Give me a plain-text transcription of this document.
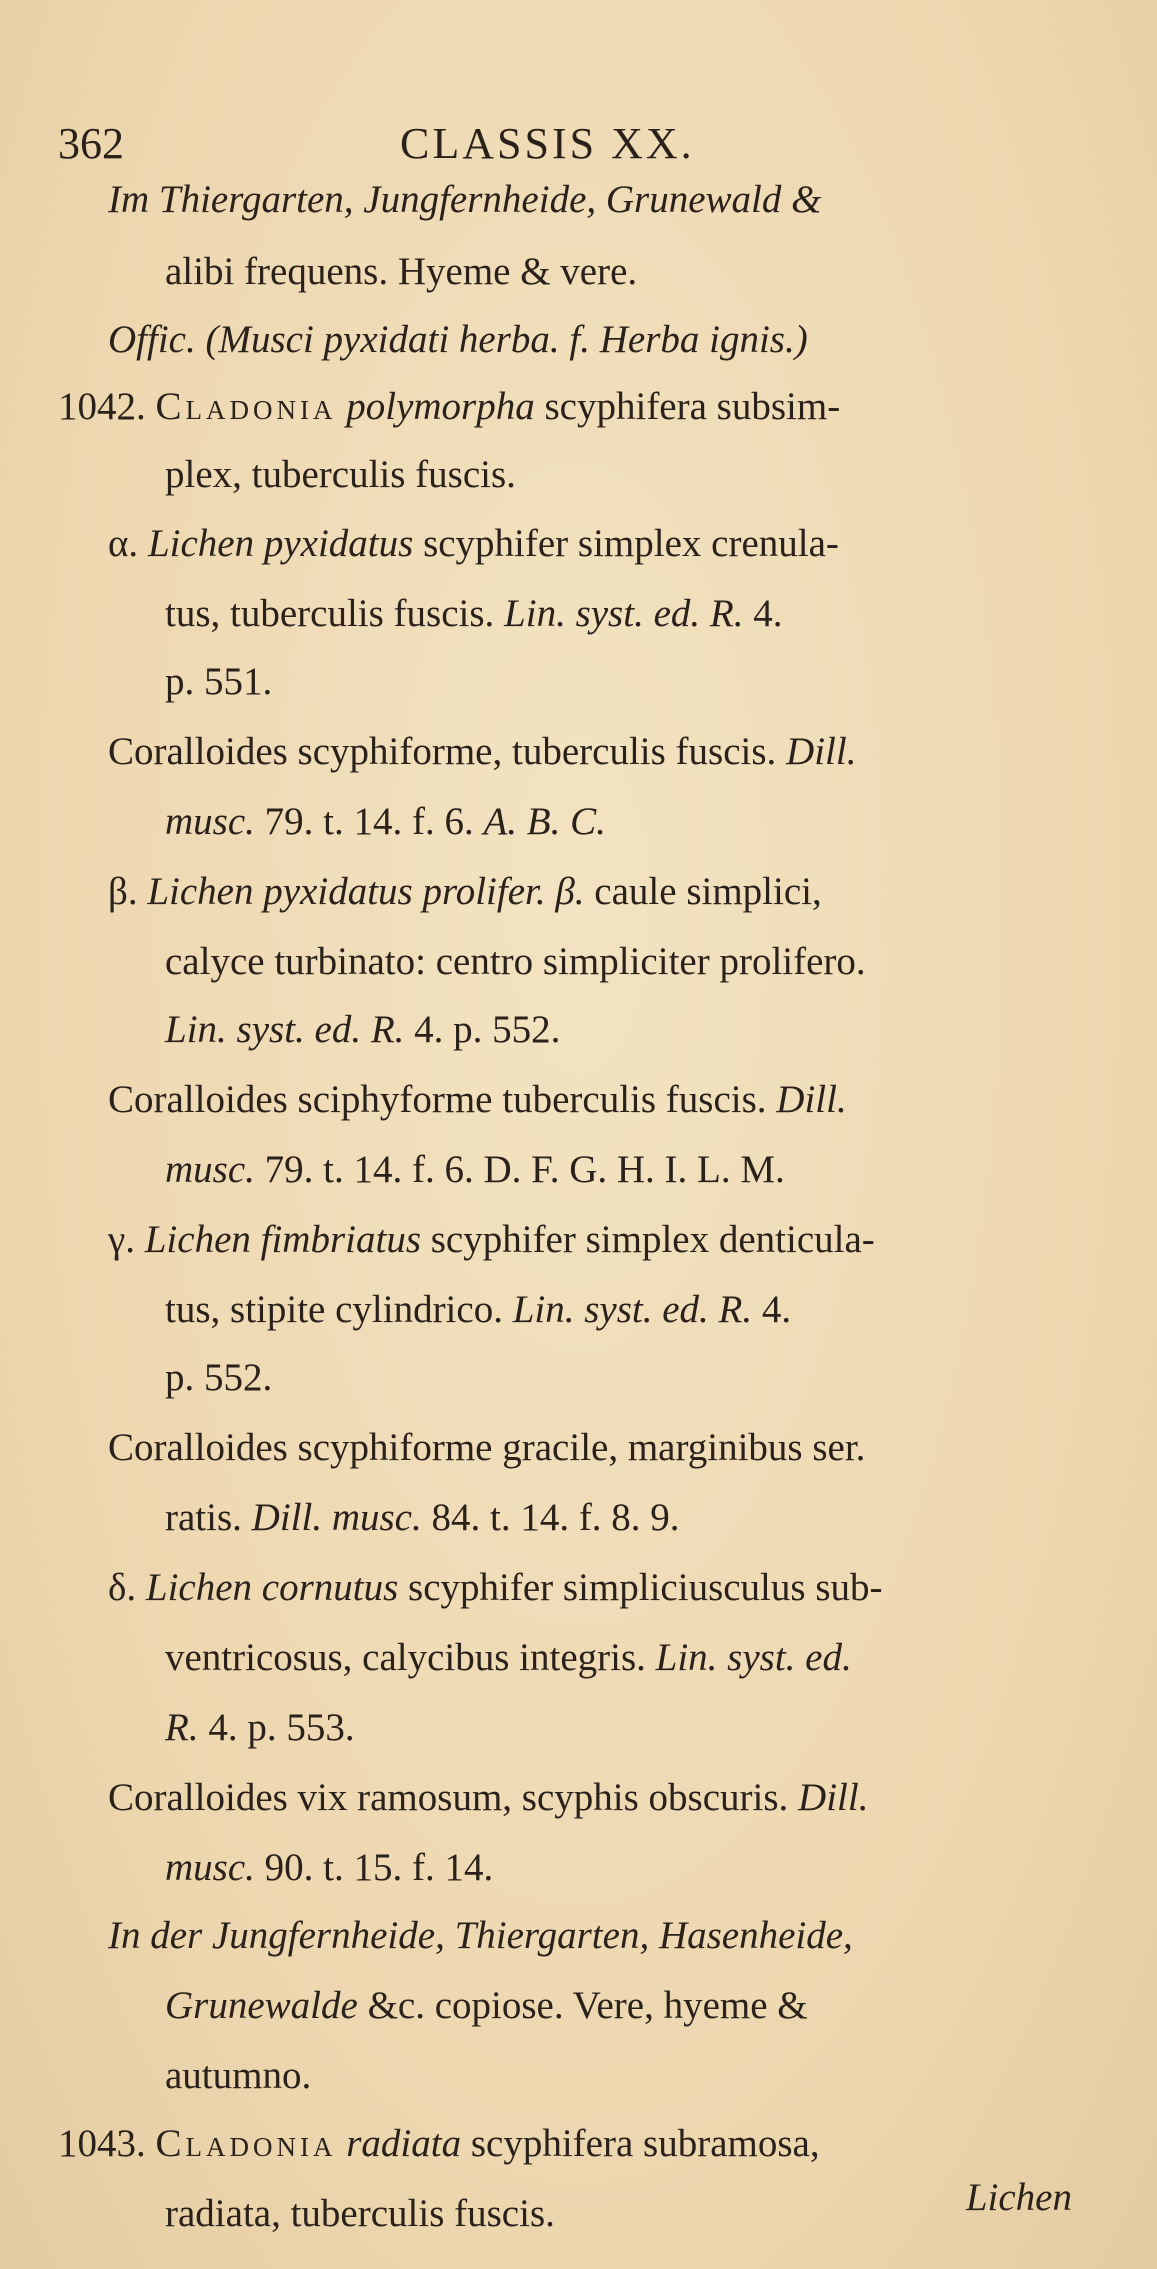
362	CLASSIS XX.
Im Thiergarten, Jungfernheide, Grunewald &
alibi frequens. Hyeme & vere.
Offic. (Musci pyxidati herba. f. Herba ignis.)
1042. Cladonia polymorpha scyphifera subsim-
plex, tuberculis fuscis.
α. Lichen pyxidatus scyphifer simplex crenula-
tus, tuberculis fuscis. Lin. syst. ed. R. 4.
p. 551.
Coralloides scyphiforme, tuberculis fuscis. Dill.
musc. 79. t. 14. f. 6. A. B. C.
β. Lichen pyxidatus prolifer. β. caule simplici,
calyce turbinato: centro simpliciter prolifero.
Lin. syst. ed. R. 4. p. 552.
Coralloides sciphyforme tuberculis fuscis. Dill.
musc. 79. t. 14. f. 6. D. F. G. H. I. L. M.
γ. Lichen fimbriatus scyphifer simplex denticula-
tus, stipite cylindrico. Lin. syst. ed. R. 4.
p. 552.
Coralloides scyphiforme gracile, marginibus ser.
ratis. Dill. musc. 84. t. 14. f. 8. 9.
δ. Lichen cornutus scyphifer simpliciusculus sub-
ventricosus, calycibus integris. Lin. syst. ed.
R. 4. p. 553.
Coralloides vix ramosum, scyphis obscuris. Dill.
musc. 90. t. 15. f. 14.
In der Jungfernheide, Thiergarten, Hasenheide,
Grunewalde &c. copiose. Vere, hyeme &
autumno.
1043. Cladonia radiata scyphifera subramosa,
radiata, tuberculis fuscis.	Lichen
